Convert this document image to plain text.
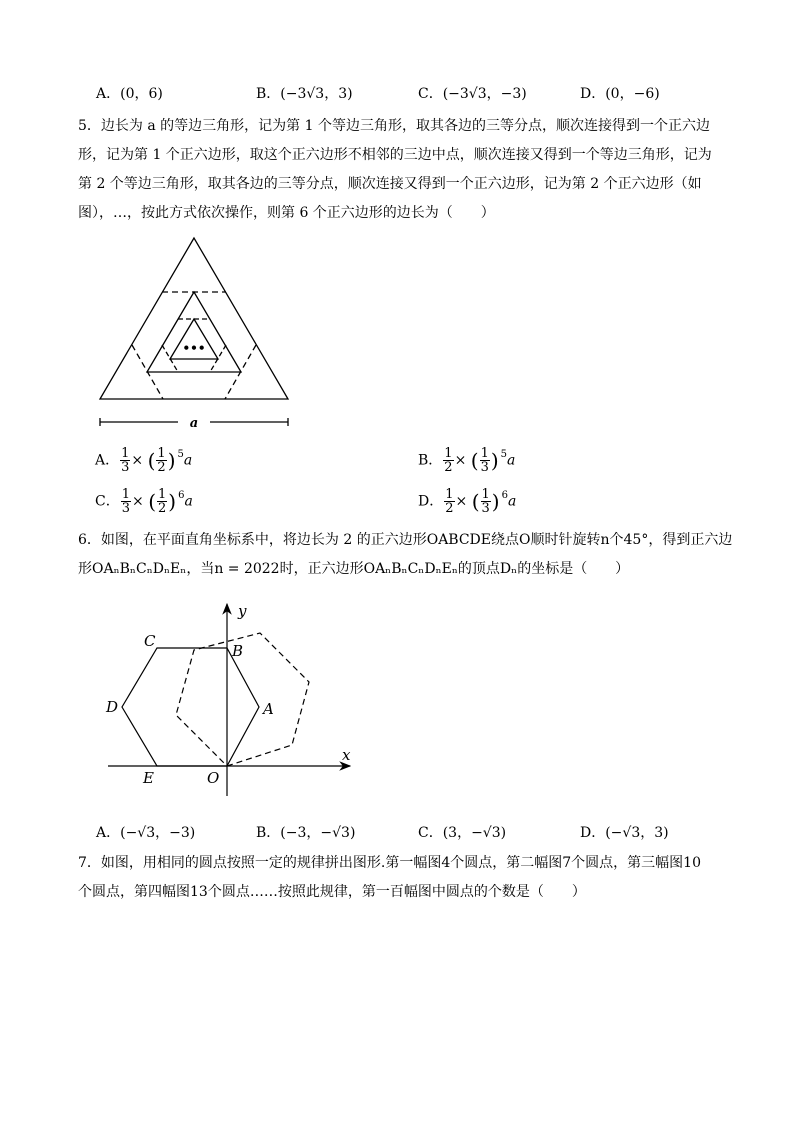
A．(0，6)	B．(−3√3，3)	C．(−3√3，−3)	D．(0，−6)
5．边长为 a 的等边三角形，记为第 1 个等边三角形，取其各边的三等分点，顺次连接得到一个正六边
形，记为第 1 个正六边形，取这个正六边形不相邻的三边中点，顺次连接又得到一个等边三角形，记为
第 2 个等边三角形，取其各边的三等分点，顺次连接又得到一个正六边形，记为第 2 个正六边形（如
图），…，按此方式依次操作，则第 6 个正六边形的边长为（　　）
•••
a
A． $\frac{1}{3}$ × ( $\frac{1}{2}$ ) $^5$a	B． $\frac{1}{2}$ × ( $\frac{1}{3}$ ) $^5$a
C． $\frac{1}{3}$ × ( $\frac{1}{2}$ ) $^6$a	D． $\frac{1}{2}$ × ( $\frac{1}{3}$ ) $^6$a
6．如图，在平面直角坐标系中，将边长为 2 的正六边形OABCDE绕点O顺时针旋转n个45°，得到正六边
形OAₙBₙCₙDₙEₙ，当n = 2022时，正六边形OAₙBₙCₙDₙEₙ的顶点Dₙ的坐标是（　　）
y
x
C
B
D	A
E	O
A．(−√3，−3)	B．(−3，−√3)	C．(3，−√3)	D．(−√3，3)
7．如图，用相同的圆点按照一定的规律拼出图形.第一幅图4个圆点，第二幅图7个圆点，第三幅图10
个圆点，第四幅图13个圆点……按照此规律，第一百幅图中圆点的个数是（　　）
